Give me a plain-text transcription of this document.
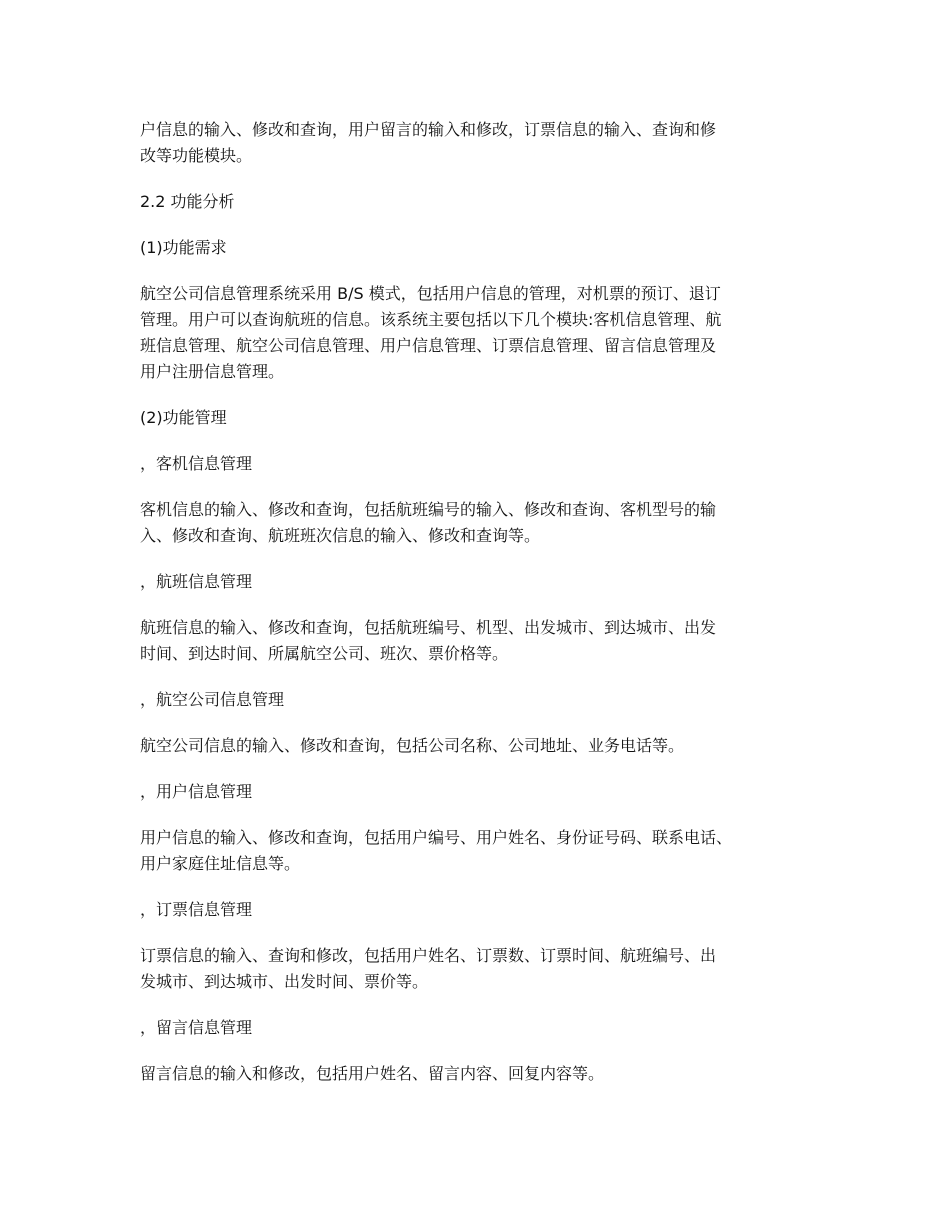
户信息的输入、修改和查询，用户留言的输入和修改，订票信息的输入、查询和修
改等功能模块。
2.2 功能分析
(1)功能需求
航空公司信息管理系统采用 B/S 模式，包括用户信息的管理，对机票的预订、退订
管理。用户可以查询航班的信息。该系统主要包括以下几个模块:客机信息管理、航
班信息管理、航空公司信息管理、用户信息管理、订票信息管理、留言信息管理及
用户注册信息管理。
(2)功能管理
，客机信息管理
客机信息的输入、修改和查询，包括航班编号的输入、修改和查询、客机型号的输
入、修改和查询、航班班次信息的输入、修改和查询等。
，航班信息管理
航班信息的输入、修改和查询，包括航班编号、机型、出发城市、到达城市、出发
时间、到达时间、所属航空公司、班次、票价格等。
，航空公司信息管理
航空公司信息的输入、修改和查询，包括公司名称、公司地址、业务电话等。
，用户信息管理
用户信息的输入、修改和查询，包括用户编号、用户姓名、身份证号码、联系电话、
用户家庭住址信息等。
，订票信息管理
订票信息的输入、查询和修改，包括用户姓名、订票数、订票时间、航班编号、出
发城市、到达城市、出发时间、票价等。
，留言信息管理
留言信息的输入和修改，包括用户姓名、留言内容、回复内容等。
